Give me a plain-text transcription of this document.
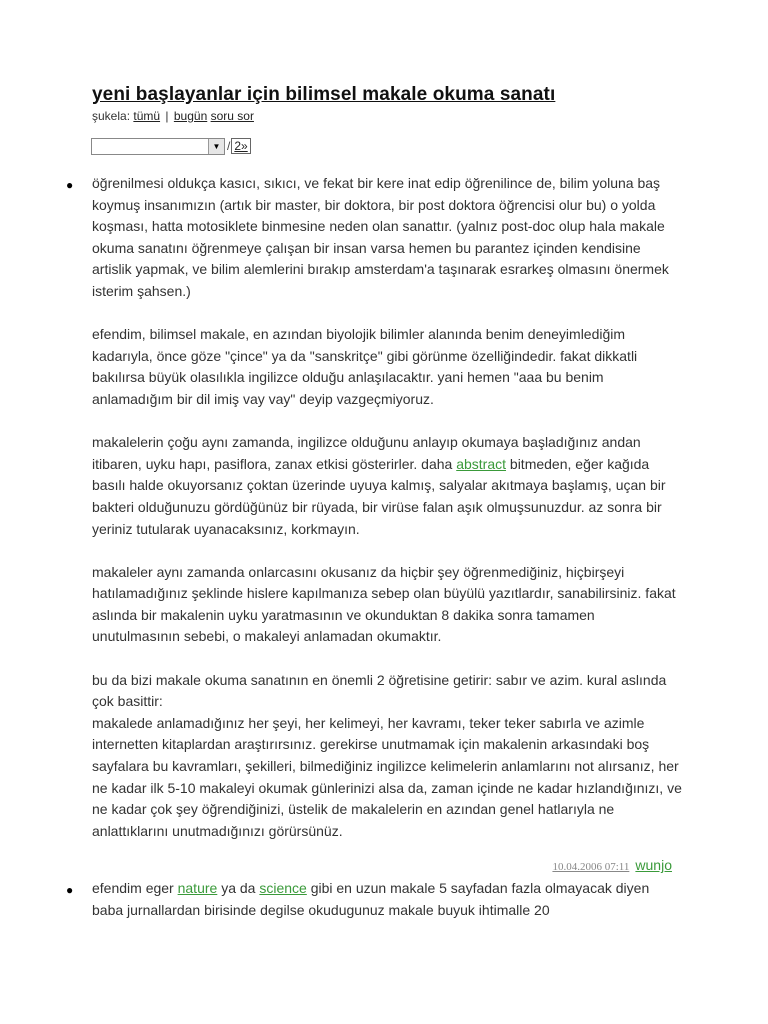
yeni başlayanlar için bilimsel makale okuma sanatı
şukela: tümü | bugün soru sor
▼ / 2»
● öğrenilmesi oldukça kasıcı, sıkıcı, ve fekat bir kere inat edip öğrenilince de, bilim yoluna baş koymuş insanımızın (artık bir master, bir doktora, bir post doktora öğrencisi olur bu) o yolda koşması, hatta motosiklete binmesine neden olan sanattır. (yalnız post-doc olup hala makale okuma sanatını öğrenmeye çalışan bir insan varsa hemen bu parantez içinden kendisine artislik yapmak, ve bilim alemlerini bırakıp amsterdam'a taşınarak esrarkeş olmasını önermek isterim şahsen.)

efendim, bilimsel makale, en azından biyolojik bilimler alanında benim deneyimlediğim kadarıyla, önce göze "çince" ya da "sanskritçe" gibi görünme özelliğindedir. fakat dikkatli bakılırsa büyük olasılıkla ingilizce olduğu anlaşılacaktır. yani hemen "aaa bu benim anlamadığım bir dil imiş vay vay" deyip vazgeçmiyoruz.

makalelerin çoğu aynı zamanda, ingilizce olduğunu anlayıp okumaya başladığınız andan itibaren, uyku hapı, pasiflora, zanax etkisi gösterirler. daha abstract bitmeden, eğer kağıda basılı halde okuyorsanız çoktan üzerinde uyuya kalmış, salyalar akıtmaya başlamış, uçan bir bakteri olduğunuzu gördüğünüz bir rüyada, bir virüse falan aşık olmuşsunuzdur. az sonra bir yeriniz tutularak uyanacaksınız, korkmayın.

makaleler aynı zamanda onlarcasını okusanız da hiçbir şey öğrenmediğiniz, hiçbirşeyi hatılamadığınız şeklinde hislere kapılmanıza sebep olan büyülü yazıtlardır, sanabilirsiniz. fakat aslında bir makalenin uyku yaratmasının ve okunduktan 8 dakika sonra tamamen unutulmasının sebebi, o makaleyi anlamadan okumaktır.

bu da bizi makale okuma sanatının en önemli 2 öğretisine getirir: sabır ve azim. kural aslında çok basittir:

makalede anlamadığınız her şeyi, her kelimeyi, her kavramı, teker teker sabırla ve azimle internetten kitaplardan araştırırsınız. gerekirse unutmamak için makalenin arkasındaki boş sayfalara bu kavramları, şekilleri, bilmediğiniz ingilizce kelimelerin anlamlarını not alırsanız, her ne kadar ilk 5-10 makaleyi okumak günlerinizi alsa da, zaman içinde ne kadar hızlandığınızı, ve ne kadar çok şey öğrendiğinizi, üstelik de makalelerin en azından genel hatlarıyla ne anlattıklarını unutmadığınızı görürsünüz.

10.04.2006 07:11 wunjo
● efendim eger nature ya da science gibi en uzun makale 5 sayfadan fazla olmayacak diyen baba jurnallardan birisinde degilse okudugunuz makale buyuk ihtimalle 20
